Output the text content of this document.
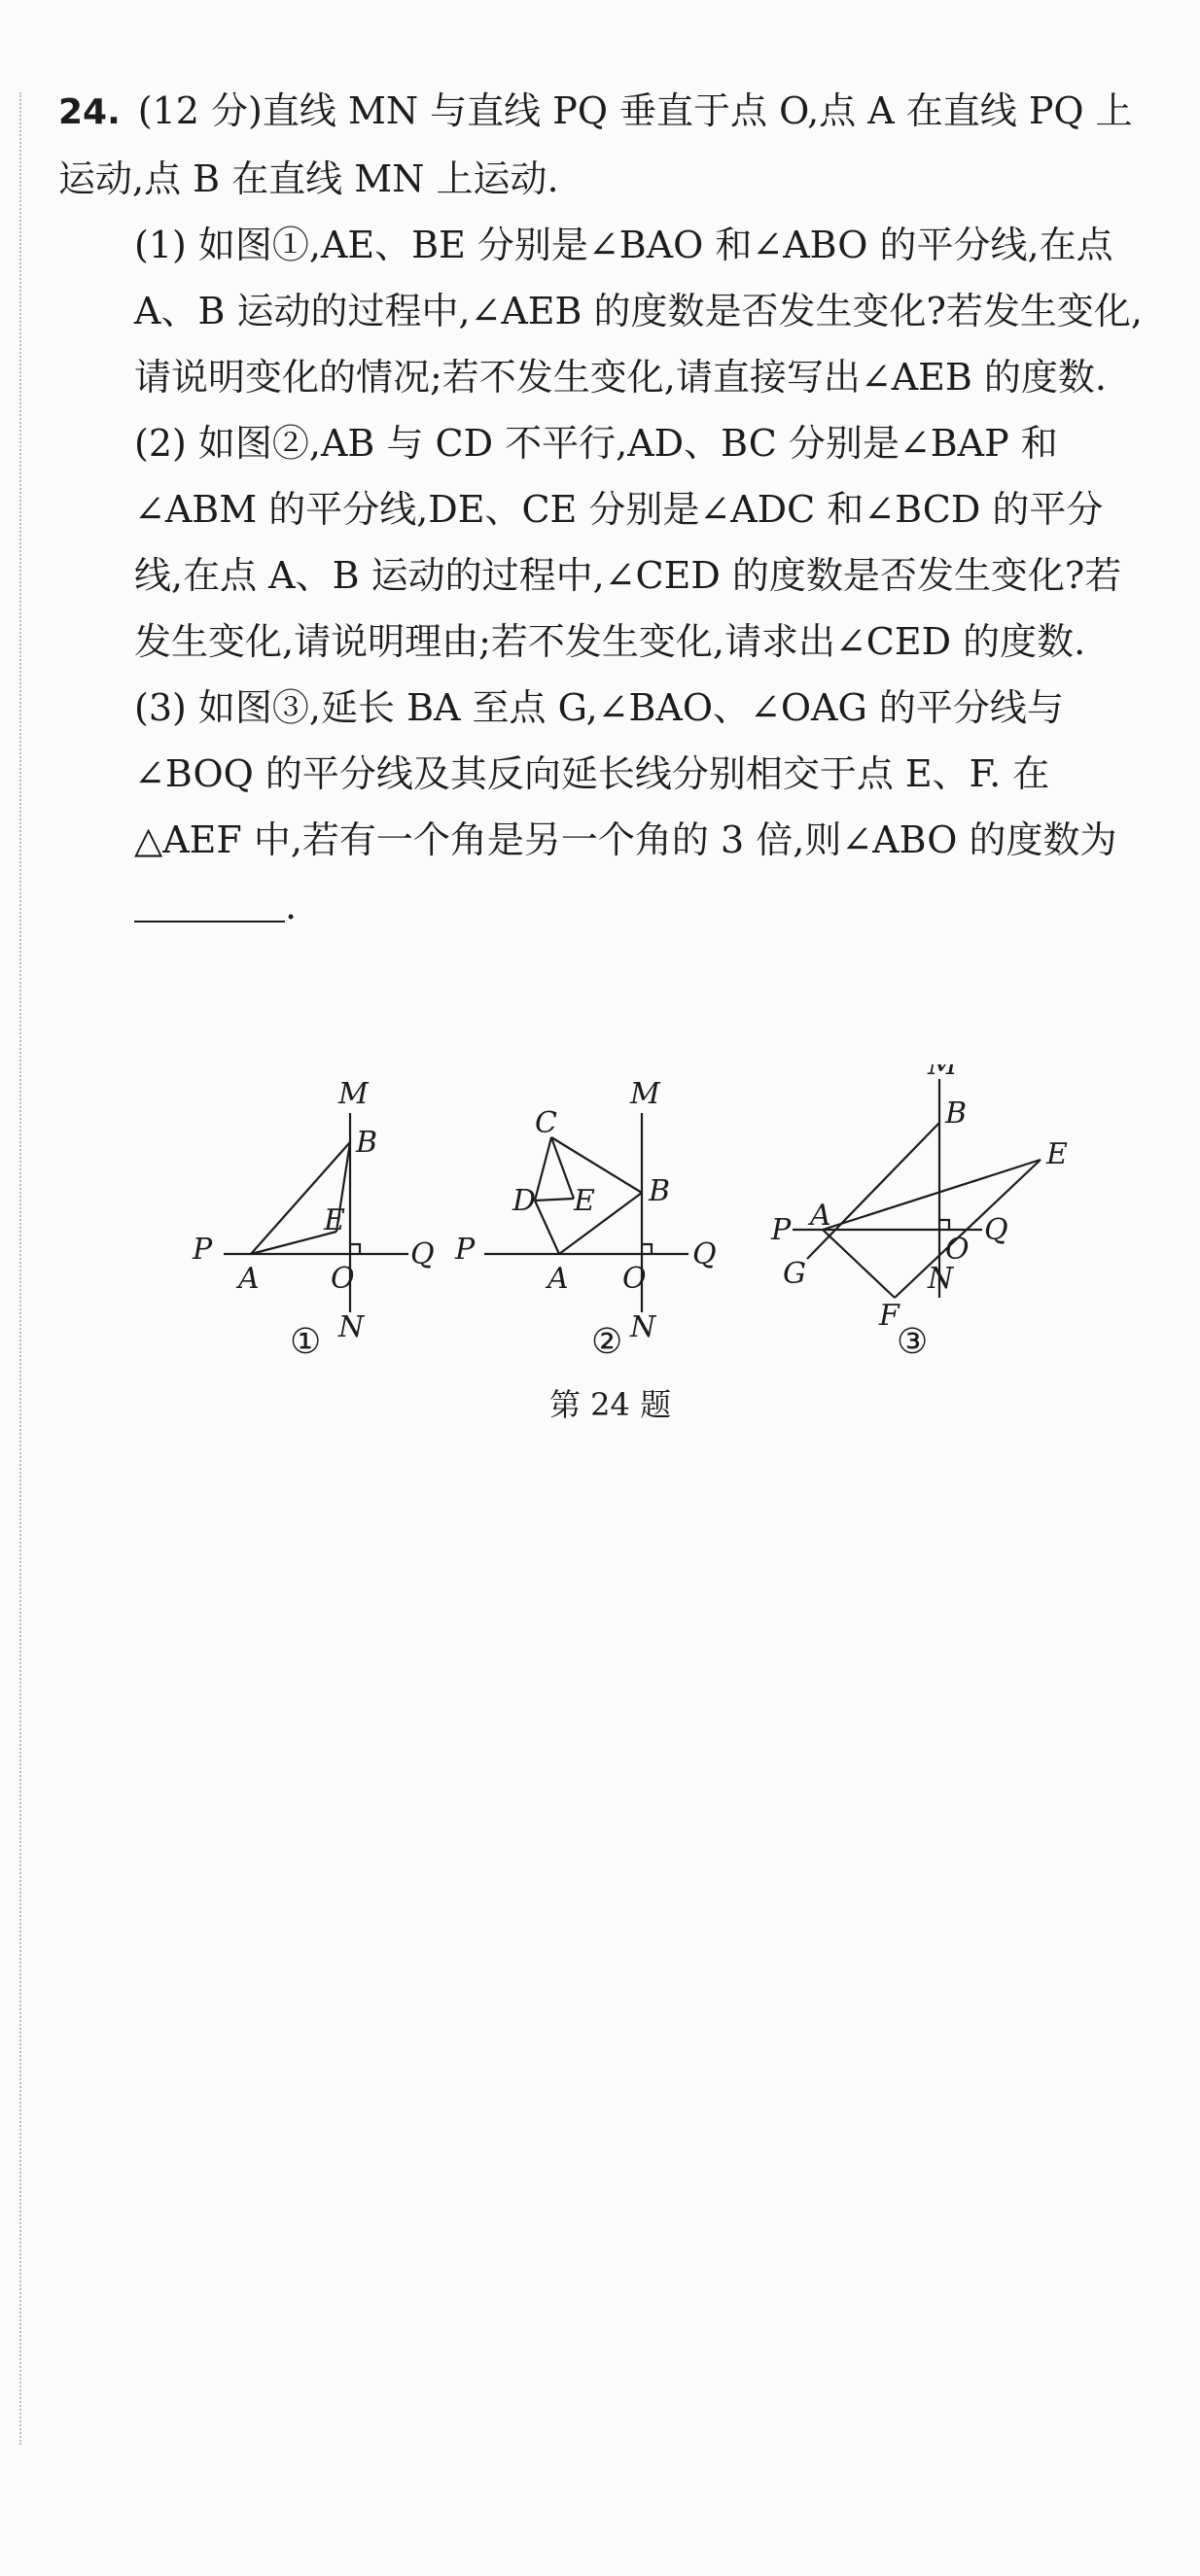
24. (12 分)直线 MN 与直线 PQ 垂直于点 O,点 A 在直线 PQ 上运动,点 B 在直线 MN 上运动.

(1) 如图①,AE、BE 分别是∠BAO 和∠ABO 的平分线,在点 A、B 运动的过程中,∠AEB 的度数是否发生变化?若发生变化,请说明变化的情况;若不发生变化,请直接写出∠AEB 的度数.

(2) 如图②,AB 与 CD 不平行,AD、BC 分别是∠BAP 和∠ABM 的平分线,DE、CE 分别是∠ADC 和∠BCD 的平分线,在点 A、B 运动的过程中,∠CED 的度数是否发生变化?若发生变化,请说明理由;若不发生变化,请求出∠CED 的度数.

(3) 如图③,延长 BA 至点 G,∠BAO、∠OAG 的平分线与∠BOQ 的平分线及其反向延长线分别相交于点 E、F. 在△AEF 中,若有一个角是另一个角的 3 倍,则∠ABO 的度数为.

M
B
E
P
A O
Q
N
C
M
D E B
P
A O
Q
N
M
B
E
P A	Q
G
O
N
F
①	②	③
第 24 题
